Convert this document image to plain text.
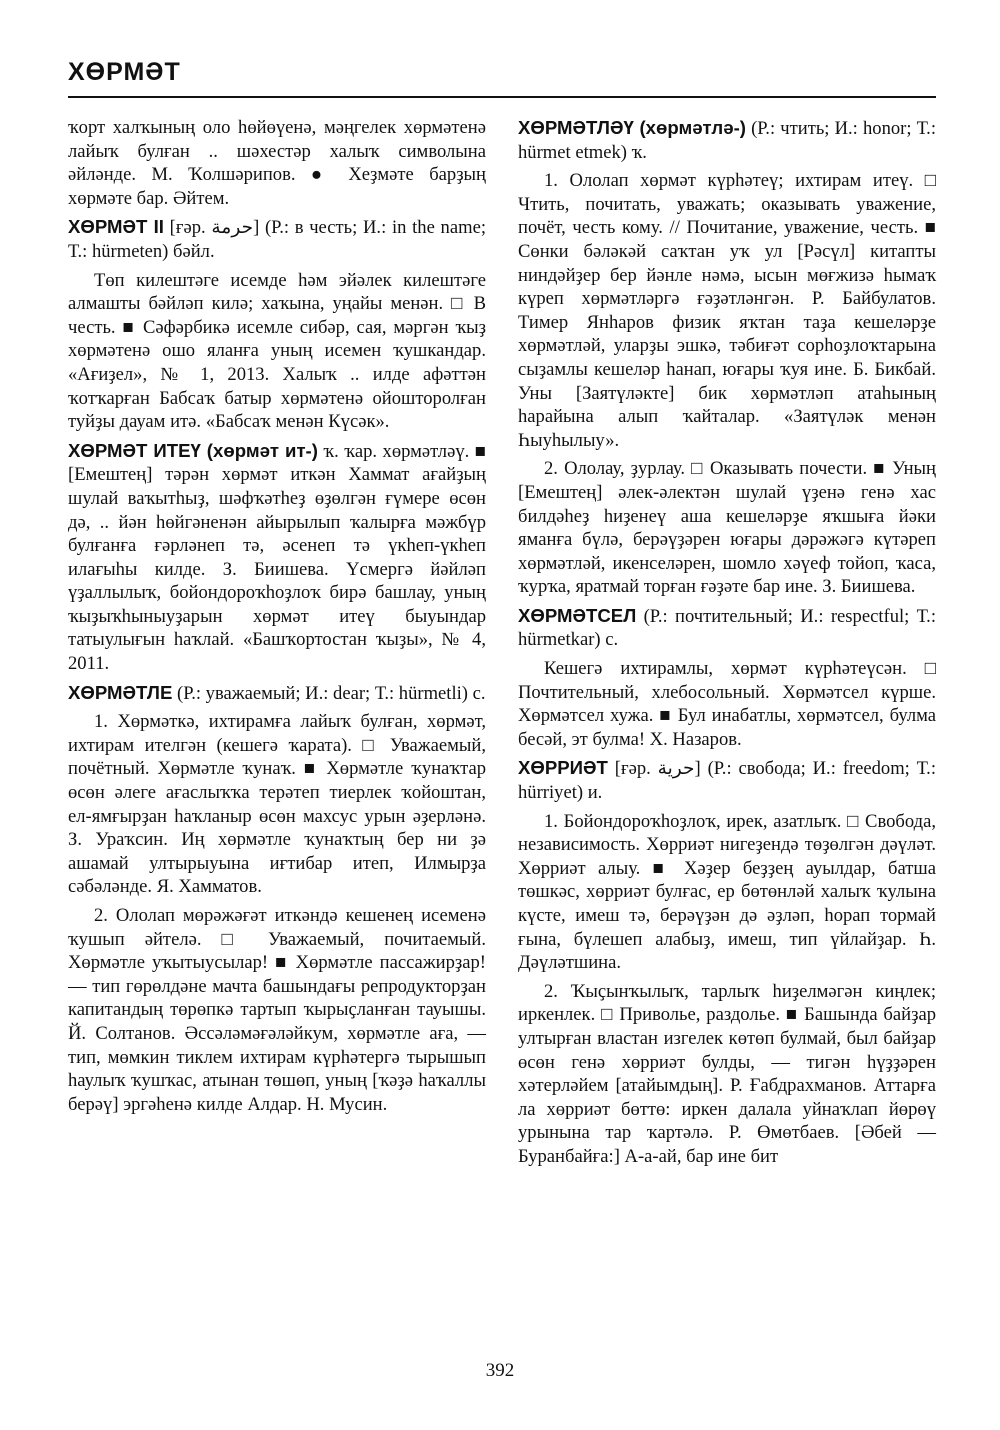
ХӨРМӘТ

ҡорт халҡының оло һөйөүенә, мәңгелек хөрмәтенә лайыҡ булған .. шәхестәр халыҡ символына әйләнде. М. Ҡолшәрипов. ● Хеҙмәте барҙың хөрмәте бар. Әйтем.

ХӨРМӘТ II [ғәр. حرمة] (Р.: в честь; И.: in the name; Т.: hürmeten) бәйл.

Төп килештәге исемде һәм эйәлек килештәге алмашты бәйләп килә; хаҡына, уңайы менән. □ В честь. ■ Сәфәрбикә исемле сибәр, сая, мәргән ҡыҙ хөрмәтенә ошо яланға уның исемен ҡушкандар. «Ағиҙел», № 1, 2013. Халыҡ .. илде афәттән ҡотҡарған Бабсаҡ батыр хөрмәтенә ойошторолған туйҙы дауам итә. «Бабсаҡ менән Күсәк».

ХӨРМӘТ ИТЕҮ (хөрмәт ит-) ҡ. ҡар. хөрмәтләү. ■ [Емештең] тәрән хөрмәт иткән Хаммат ағайҙың шулай ваҡытһыҙ, шәфҡәтһеҙ өҙөлгән ғүмере өсөн дә, .. йән һөйгәненән айырылып ҡалырға мәжбүр булғанға ғәрләнеп тә, әсенеп тә үкһеп-үкһеп илағыһы килде. З. Биишева. Үсмергә йәйләп үҙаллылыҡ, бойондороҡһоҙлоҡ бирә башлау, уның ҡыҙыҡһыныуҙарын хөрмәт итеү быуындар татыулығын һаҡлай. «Башҡортостан ҡыҙы», № 4, 2011.

ХӨРМӘТЛЕ (Р.: уважаемый; И.: dear; Т.: hürmetli) с.

1. Хөрмәткә, ихтирамға лайыҡ булған, хөрмәт, ихтирам ителгән (кешегә ҡарата). □ Уважаемый, почётный. Хөрмәтле ҡунаҡ. ■ Хөрмәтле ҡунаҡтар өсөн әлеге ағаслыҡҡа терәтеп тиерлек ҡойоштан, ел-ямғырҙан һаҡланыр өсөн махсус урын әҙерләнә. З. Ураҡсин. Иң хөрмәтле ҡунаҡтың бер ни ҙә ашамай ултырыуына иғтибар итеп, Илмырҙа сәбәләнде. Я. Хамматов.

2. Ололап мөрәжәғәт иткәндә кешенең исеменә ҡушып әйтелә. □ Уважаемый, почитаемый. Хөрмәтле уҡытыусылар! ■ Хөрмәтле пассажирҙар! — тип гөрөлдәне мачта башындағы репродукторҙан капитандың төрөпкә тартып ҡырыҫланған тауышы. Й. Солтанов. Әссәләмәғәләйкум, хөрмәтле аға, — тип, мөмкин тиклем ихтирам күрһәтергә тырышып һаулыҡ ҡушҡас, атынан төшөп, уның [ҡәҙә һаҡаллы берәү] эргәһенә килде Алдар. Н. Мусин.

ХӨРМӘТЛӘҮ (хөрмәтлә-) (Р.: чтить; И.: honor; Т.: hürmet etmek) ҡ.

1. Ололап хөрмәт күрһәтеү; ихтирам итеү. □ Чтить, почитать, уважать; оказывать уважение, почёт, честь кому. // Почитание, уважение, честь. ■ Сөнки бәләкәй саҡтан уҡ ул [Рәсүл] китапты ниндәйҙер бер йәнле нәмә, ысын мөғжизә һымаҡ күреп хөрмәтләргә ғәҙәтләнгән. Р. Байбулатов. Тимер Янһаров физик яҡтан таҙа кешеләрҙе хөрмәтләй, уларҙы эшкә, тәбиғәт сорһоҙлоҡтарына сыҙамлы кешеләр һанап, юғары ҡуя ине. Б. Бикбай. Уны [Заятүләкте] бик хөрмәтләп атаһының һарайына алып ҡайталар. «Заятүләк менән Һыуһылыу».

2. Ололау, ҙурлау. □ Оказывать почести. ■ Уның [Емештең] әлек-әлектән шулай үҙенә генә хас билдәһеҙ һиҙенеү аша кешеләрҙе яҡшыға йәки яманға бүлә, берәүҙәрен юғары дәрәжәгә күтәреп хөрмәтләй, икенселәрен, шомло хәүеф тойоп, ҡаса, ҡурҡа, яратмай торған ғәҙәте бар ине. З. Биишева.

ХӨРМӘТСЕЛ (Р.: почтительный; И.: respectful; Т.: hürmetkar) с.

Кешегә ихтирамлы, хөрмәт күрһәтеүсән. □ Почтительный, хлебосольный. Хөрмәтсел күрше. Хөрмәтсел хужа. ■ Бул инабатлы, хөрмәтсел, булма бесәй, эт булма! Х. Назаров.

ХӨРРИӘТ [ғәр. حرية] (Р.: свобода; И.: freedom; Т.: hürriyet) и.

1. Бойондороҡһоҙлоҡ, ирек, азатлыҡ. □ Свобода, независимость. Хөрриәт нигеҙендә төҙөлгән дәүләт. Хөрриәт алыу. ■ Хәҙер беҙҙең ауылдар, батша төшкәс, хөрриәт булғас, ер бөтөнләй халыҡ ҡулына күсте, имеш тә, берәүҙән дә әҙләп, һорап тормай ғына, бүлешеп алабыҙ, имеш, тип үйлайҙар. Һ. Дәүләтшина.

2. Ҡыҫынҡылыҡ, тарлыҡ һиҙелмәгән киңлек; иркенлек. □ Приволье, раздолье. ■ Башында байҙар ултырған властан изгелек көтөп булмай, был байҙар өсөн генә хөрриәт булды, — тигән һүҙҙәрен хәтерләйем [атайымдың]. Р. Ғабдрахманов. Аттарға ла хөрриәт бөттө: иркен далала уйнаҡлап йөрөү урынына тар ҡартәлә. Р. Өмөтбаев. [Әбей — Буранбайға:] А-а-ай, бар ине бит

392
